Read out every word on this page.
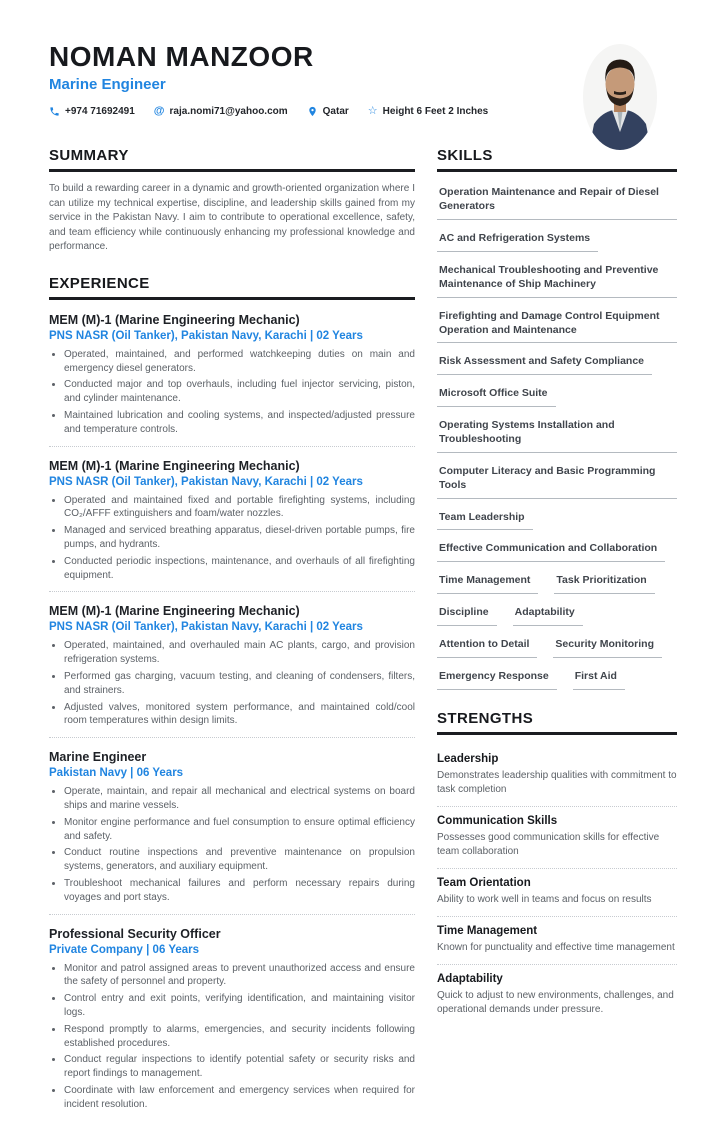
NOMAN MANZOOR
Marine Engineer
+974 71692491 @ raja.nomi71@yahoo.com	Qatar ☆ Height 6 Feet 2 Inches
SUMMARY

To build a rewarding career in a dynamic and growth-oriented organization where I can utilize my technical expertise, discipline, and leadership skills gained from my service in the Pakistan Navy. I aim to contribute to operational excellence, safety, and team efficiency while continuously enhancing my professional knowledge and performance.

EXPERIENCE
MEM (M)-1 (Marine Engineering Mechanic)
PNS NASR (Oil Tanker), Pakistan Navy, Karachi | 02 Years
• Operated, maintained, and performed watchkeeping duties on main and emergency diesel generators.
• Conducted major and top overhauls, including fuel injector servicing, piston, and cylinder maintenance.
• Maintained lubrication and cooling systems, and inspected/adjusted pressure and temperature controls.
MEM (M)-1 (Marine Engineering Mechanic)
PNS NASR (Oil Tanker), Pakistan Navy, Karachi | 02 Years
• Operated and maintained fixed and portable firefighting systems, including CO₂/AFFF extinguishers and foam/water nozzles.
• Managed and serviced breathing apparatus, diesel-driven portable pumps, fire pumps, and hydrants.
• Conducted periodic inspections, maintenance, and overhauls of all firefighting equipment.
MEM (M)-1 (Marine Engineering Mechanic)
PNS NASR (Oil Tanker), Pakistan Navy, Karachi | 02 Years
• Operated, maintained, and overhauled main AC plants, cargo, and provision refrigeration systems.
• Performed gas charging, vacuum testing, and cleaning of condensers, filters, and strainers.
• Adjusted valves, monitored system performance, and maintained cold/cool room temperatures within design limits.
Marine Engineer
Pakistan Navy | 06 Years
• Operate, maintain, and repair all mechanical and electrical systems on board ships and marine vessels.
• Monitor engine performance and fuel consumption to ensure optimal efficiency and safety.
• Conduct routine inspections and preventive maintenance on propulsion systems, generators, and auxiliary equipment.
• Troubleshoot mechanical failures and perform necessary repairs during voyages and port stays.
Professional Security Officer
Private Company | 06 Years
• Monitor and patrol assigned areas to prevent unauthorized access and ensure the safety of personnel and property.
• Control entry and exit points, verifying identification, and maintaining visitor logs.
• Respond promptly to alarms, emergencies, and security incidents following established procedures.
• Conduct regular inspections to identify potential safety or security risks and report findings to management.
• Coordinate with law enforcement and emergency services when required for incident resolution.
SKILLS
Operation Maintenance and Repair of Diesel Generators
AC and Refrigeration Systems
Mechanical Troubleshooting and Preventive Maintenance of Ship Machinery
Firefighting and Damage Control Equipment Operation and Maintenance
Risk Assessment and Safety Compliance
Microsoft Office Suite
Operating Systems Installation and Troubleshooting
Computer Literacy and Basic Programming Tools
Team Leadership
Effective Communication and Collaboration
Time Management	Task Prioritization
Discipline	Adaptability
Attention to Detail	Security Monitoring
Emergency Response	First Aid
STRENGTHS
Leadership

Demonstrates leadership qualities with commitment to task completion

Communication Skills

Possesses good communication skills for effective team collaboration

Team Orientation

Ability to work well in teams and focus on results

Time Management

Known for punctuality and effective time management

Adaptability

Quick to adjust to new environments, challenges, and operational demands under pressure.
